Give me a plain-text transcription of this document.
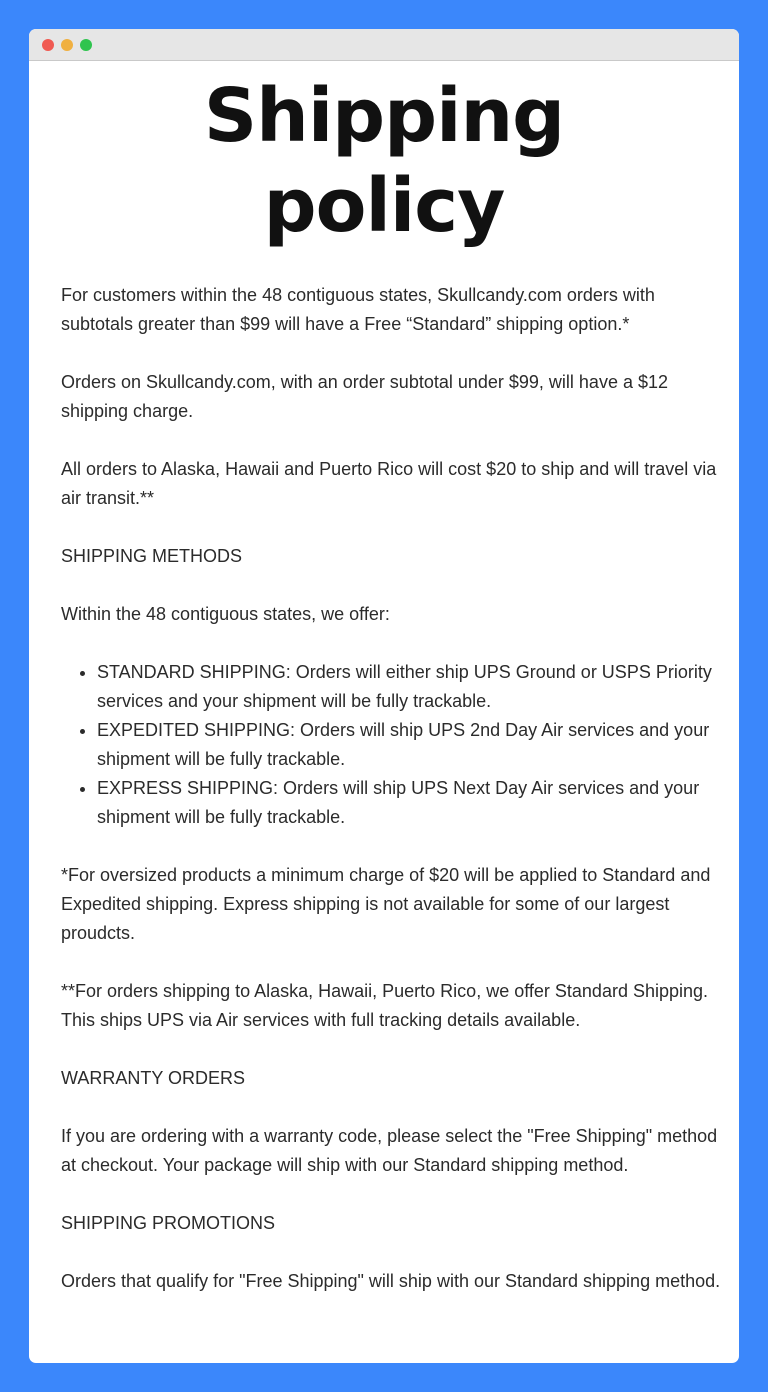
Shipping
policy

For customers within the 48 contiguous states, Skullcandy.com orders with subtotals greater than $99 will have a Free “Standard” shipping option.*

Orders on Skullcandy.com, with an order subtotal under $99, will have a $12 shipping charge.

All orders to Alaska, Hawaii and Puerto Rico will cost $20 to ship and will travel via air transit.**

SHIPPING METHODS

Within the 48 contiguous states, we offer:

• STANDARD SHIPPING: Orders will either ship UPS Ground or USPS Priority services and your shipment will be fully trackable.
• EXPEDITED SHIPPING: Orders will ship UPS 2nd Day Air services and your shipment will be fully trackable.
• EXPRESS SHIPPING: Orders will ship UPS Next Day Air services and your shipment will be fully trackable.

*For oversized products a minimum charge of $20 will be applied to Standard and Expedited shipping. Express shipping is not available for some of our largest proudcts.

**For orders shipping to Alaska, Hawaii, Puerto Rico, we offer Standard Shipping. This ships UPS via Air services with full tracking details available.

WARRANTY ORDERS

If you are ordering with a warranty code, please select the "Free Shipping" method at checkout. Your package will ship with our Standard shipping method.

SHIPPING PROMOTIONS

Orders that qualify for "Free Shipping" will ship with our Standard shipping method.
